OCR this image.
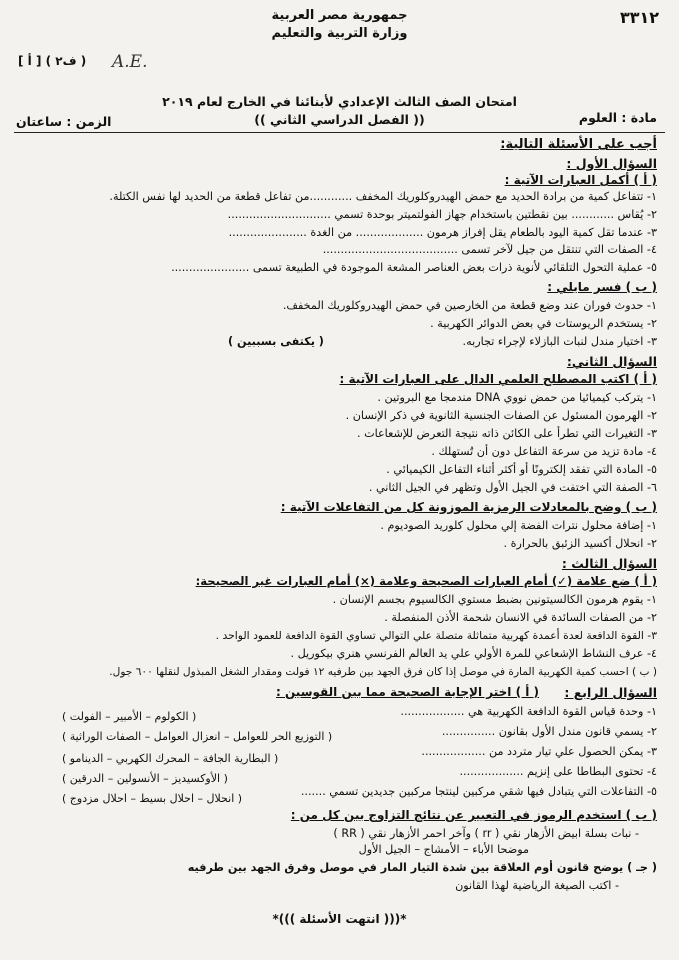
٣٣١٢
جمهورية مصر العربية
وزارة التربية والتعليم
( ف٢ ) [ أ ] A.E.
امتحان الصف الثالث الإعدادي لأبنائنا في الخارج لعام ٢٠١٩
مادة : العلوم
(( الفصل الدراسي الثاني ))
الزمن : ساعتان
أجب على الأسئلة التالية:
السؤال الأول :
( أ ) أكمل العبارات الآتية :
١- تتفاعل كمية من برادة الحديد مع حمض الهيدروكلوريك المخفف ............من تفاعل قطعة من الحديد لها نفس الكتلة.
٢- يُقاس ............ بين نقطتين باستخدام جهاز الفولتميتر بوحدة تسمي .............................
٣- عندما تقل كمية اليود بالطعام يقل إفراز هرمون ................... من الغدة ......................
٤- الصفات التي تنتقل من جيل لآخر تسمى ......................................
٥- عملية التحول التلقائي لأنوية ذرات بعض العناصر المشعة الموجودة في الطبيعة تسمى ......................
( ب ) فسر مايلي :
١- حدوث فوران عند وضع قطعة من الخارصين في حمض الهيدروكلوريك المخفف.
٢- يستخدم الريوستات في بعض الدوائر الكهربية .
٣- اختيار مندل لنبات البازلاء لإجراء تجاربه.
( يكتفى بسببين )
السؤال الثاني:
( أ ) اكتب المصطلح العلمي الدال على العبارات الآتية :
١- يتركب كيميائيا من حمض نووي DNA مندمجا مع البروتين .
٢- الهرمون المسئول عن الصفات الجنسية الثانوية في ذكر الإنسان .
٣- التغيرات التي تطرأ على الكائن ذاته نتيجة التعرض للإشعاعات .
٤- مادة تزيد من سرعة التفاعل دون أن تُستهلك .
٥- المادة التي تفقد إلكترونًا أو أكثر أثناء التفاعل الكيميائي .
٦- الصفة التي اختفت في الجيل الأول وتظهر في الجيل الثاني .
( ب ) وضح بالمعادلات الرمزية الموزونة كل من التفاعلات الآتية :
١- إضافة محلول نترات الفضة إلي محلول كلوريد الصوديوم .
٢- انحلال أكسيد الزئبق بالحرارة .
السؤال الثالث :
( أ ) ضع علامة (✓) أمام العبارات الصحيحة وعلامة (×) أمام العبارات غير الصحيحة:
١- يقوم هرمون الكالسيتونين بضبط مستوي الكالسيوم بجسم الإنسان .
٢- من الصفات السائدة في الانسان شحمة الأذن المنفصلة .
٣- القوة الدافعة لعدة أعمدة كهربية متماثلة متصلة علي التوالي تساوي القوة الدافعة للعمود الواحد .
٤- عرف النشاط الإشعاعي للمرة الأولي علي يد العالم الفرنسي هنري بيكوريل .
( ب ) احسب كمية الكهربية المارة في موصل إذا كان فرق الجهد بين طرفيه ١٢ فولت ومقدار الشغل المبذول لنقلها ٦٠٠ جول.
السؤال الرابع :
( أ ) اختر الإجابة الصحيحة مما بين القوسين :
١- وحدة قياس القوة الدافعة الكهربية هي ..................
( الكولوم – الأمبير – الفولت )
٢- يسمي قانون مندل الأول بقانون ...............
( التوزيع الحر للعوامل – انعزال العوامل – الصفات الوراثية )
٣- يمكن الحصول علي تيار متردد من ..................
( البطارية الجافة – المحرك الكهربي – الدينامو )
٤- تحتوى البطاطا على إنزيم ..................
( الأوكسيديز – الأنسولين – الدرقين )
٥- التفاعلات التي يتبادل فيها شقي مركبين لينتجا مركبين جديدين تسمي .......
( انحلال – احلال بسيط – احلال مزدوج )
( ب ) استخدم الرموز في التعبير عن نتائج التزاوج بين كل من :
- نبات بسلة ابيض الأزهار نقي ( rr ) وآخر احمر الأزهار نقي ( RR )
موضحا الأباء – الأمشاج – الجيل الأول
( جـ ) يوضح قانون أوم العلاقة بين شدة التيار المار في موصل وفرق الجهد بين طرفيه
- اكتب الصيغة الرياضية لهذا القانون
*((( انتهت الأسئلة )))*
